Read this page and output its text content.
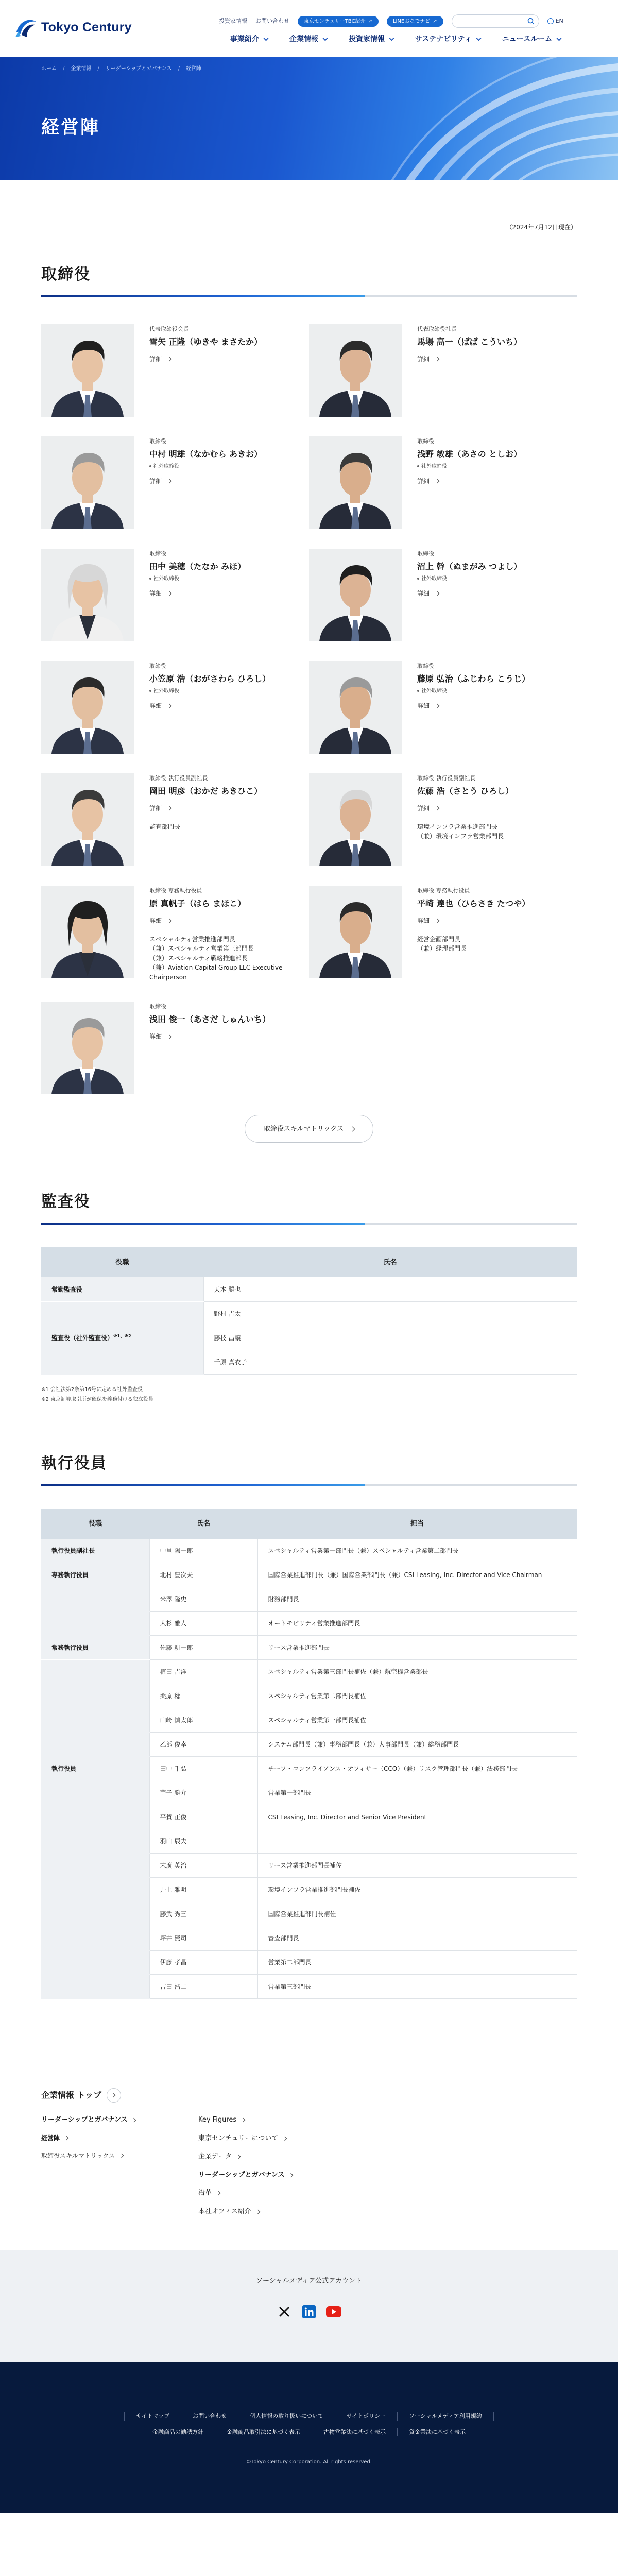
Tokyo Century	投資家情報 お問い合わせ	東京センチュリーTBC紹介 ↗	LINEおなでナビ ↗	EN
事業紹介	企業情報	投資家情報	サステナビリティ	ニュースルーム
ホーム / 企業情報 / リーダーシップとガバナンス / 経営陣
経営陣

（2024年7月12日現在）

取締役
代表取締役会長
雪矢 正隆（ゆきや まさたか）
詳細
代表取締役社長
馬場 高一（ばば こういち）
詳細
取締役
中村 明雄（なかむら あきお）
社外取締役
詳細
取締役
浅野 敏雄（あさの としお）
社外取締役
詳細
取締役
田中 美穂（たなか みほ）
社外取締役
詳細
取締役
沼上 幹（ぬまがみ つよし）
社外取締役
詳細
取締役
小笠原 浩（おがさわら ひろし）
社外取締役
詳細
取締役
藤原 弘治（ふじわら こうじ）
社外取締役
詳細
取締役 執行役員副社長
岡田 明彦（おかだ あきひこ）
詳細
監査部門長
取締役 執行役員副社長
佐藤 浩（さとう ひろし）
詳細
環境インフラ営業推進部門長
（兼）環境インフラ営業部門長
取締役 専務執行役員
原 真帆子（はら まほこ）
詳細
スペシャルティ営業推進部門長
（兼）スペシャルティ営業第三部門長
（兼）スペシャルティ戦略推進部長
（兼）Aviation Capital Group LLC Executive Chairperson
取締役 専務執行役員
平崎 達也（ひらさき たつや）
詳細
経営企画部門長
（兼）経理部門長
取締役
浅田 俊一（あさだ しゅんいち）
詳細
取締役スキルマトリックス
監査役
役職	氏名
常勤監査役	天本 勝也
	野村 吉太
監査役（社外監査役）$^{※1、※2}$	藤枝 昌譲
	千原 真衣子
※1 会社法第2条第16号に定める社外監査役
※2 東京証券取引所が確保を義務付ける独立役員
執行役員
役職	氏名	担当
執行役員副社長	中里 陽一郎	スペシャルティ営業第一部門長（兼）スペシャルティ営業第二部門長
専務執行役員	北村 豊次夫	国際営業推進部門長（兼）国際営業部門長（兼）CSI Leasing, Inc. Director and Vice Chairman
	米澤 隆史	財務部門長
	大杉 雅人	オートモビリティ営業推進部門長
常務執行役員	佐藤 耕一郎	リース営業推進部門長
	植田 吉洋	スペシャルティ営業第三部門長補佐（兼）航空機営業部長
	桑原 稔	スペシャルティ営業第二部門長補佐
	山崎 慎太郎	スペシャルティ営業第一部門長補佐
	乙部 俊幸	システム部門長（兼）事務部門長（兼）人事部門長（兼）総務部門長
執行役員	田中 千弘	チーフ・コンプライアンス・オフィサー（CCO）（兼）リスク管理部門長（兼）法務部門長
	芋子 勝介	営業第一部門長
	平賀 正俊	CSI Leasing, Inc. Director and Senior Vice President
	羽山 辰夫	
	末廣 英治	リース営業推進部門長補佐
	井上 雅明	環境インフラ営業推進部門長補佐
	藤武 秀三	国際営業推進部門長補佐
	坪井 賢司	審査部門長
	伊藤 孝昌	営業第二部門長
	吉田 浩二	営業第三部門長
企業情報 トップ
リーダーシップとガバナンス
経営陣
取締役スキルマトリックス
Key Figures
東京センチュリーについて
企業データ
リーダーシップとガバナンス
沿革
本社オフィス紹介

ソーシャルメディア公式アカウント

サイトマップ	お問い合わせ	個人情報の取り扱いについて	サイトポリシー	ソーシャルメディア利用規約
金融商品の勧誘方針	金融商品取引法に基づく表示	古物営業法に基づく表示	貸金業法に基づく表示

©Tokyo Century Corporation. All rights reserved.
